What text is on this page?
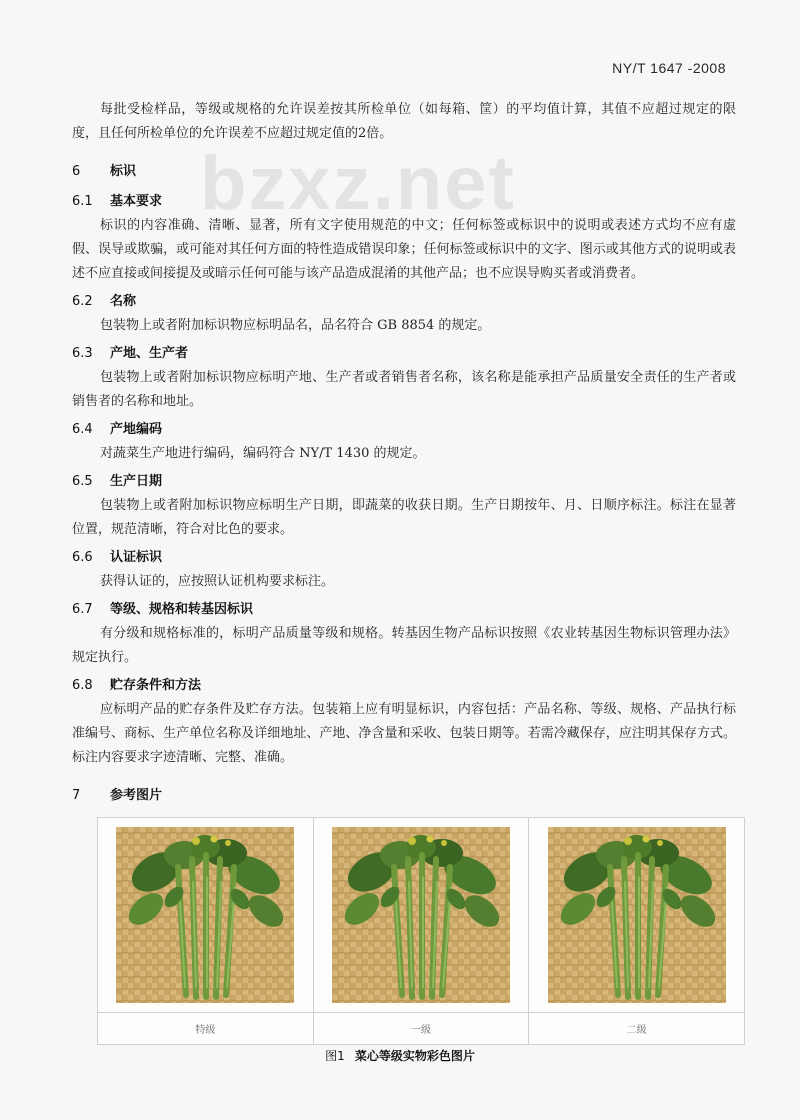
NY/T 1647 -2008
bzxz.net

每批受检样品，等级或规格的允许误差按其所检单位（如每箱、筐）的平均值计算，其值不应超过规定的限度，且任何所检单位的允许误差不应超过规定值的2倍。

6 标识
6.1 基本要求

标识的内容准确、清晰、显著，所有文字使用规范的中文；任何标签或标识中的说明或表述方式均不应有虚假、误导或欺骗，或可能对其任何方面的特性造成错误印象；任何标签或标识中的文字、图示或其他方式的说明或表述不应直接或间接提及或暗示任何可能与该产品造成混淆的其他产品；也不应误导购买者或消费者。

6.2 名称

包装物上或者附加标识物应标明品名，品名符合 GB 8854 的规定。

6.3 产地、生产者

包装物上或者附加标识物应标明产地、生产者或者销售者名称，该名称是能承担产品质量安全责任的生产者或销售者的名称和地址。

6.4 产地编码

对蔬菜生产地进行编码，编码符合 NY/T 1430 的规定。

6.5 生产日期

包装物上或者附加标识物应标明生产日期，即蔬菜的收获日期。生产日期按年、月、日顺序标注。标注在显著位置，规范清晰，符合对比色的要求。

6.6 认证标识

获得认证的，应按照认证机构要求标注。

6.7 等级、规格和转基因标识

有分级和规格标准的，标明产品质量等级和规格。转基因生物产品标识按照《农业转基因生物标识管理办法》规定执行。

6.8 贮存条件和方法

应标明产品的贮存条件及贮存方法。包装箱上应有明显标识，内容包括：产品名称、等级、规格、产品执行标准编号、商标、生产单位名称及详细地址、产地、净含量和采收、包装日期等。若需冷藏保存，应注明其保存方式。标注内容要求字迹清晰、完整、准确。

7 参考图片

特级	一级	二级
图1 菜心等级实物彩色图片
